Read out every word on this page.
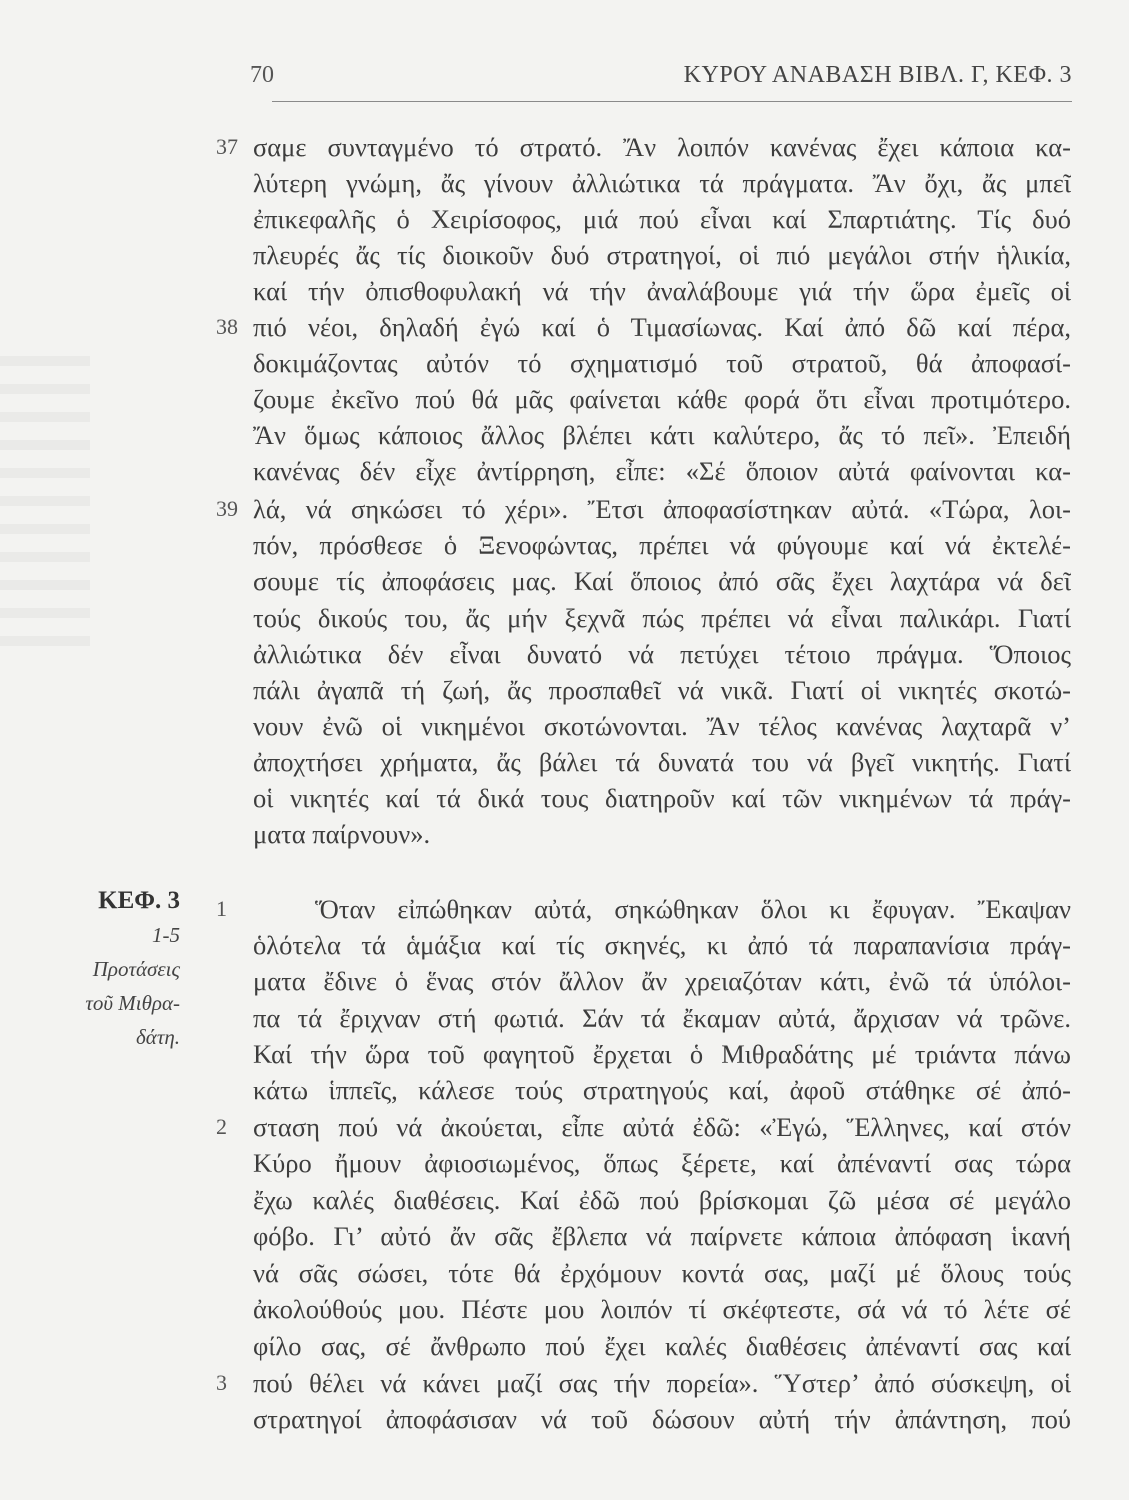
70	ΚΥΡΟΥ ΑΝΑΒΑΣΗ ΒΙΒΛ. Γ, ΚΕΦ. 3
ΚΕΦ. 3
1-5
Προτάσεις
τοῦ Μιθρα-
δάτη.
37
38
39
1
2
3
σαμε συνταγμένο τό στρατό. Ἄν λοιπόν κανένας ἔχει κάποια κα-
λύτερη γνώμη, ἄς γίνουν ἀλλιώτικα τά πράγματα. Ἄν ὄχι, ἄς μπεῖ
ἐπικεφαλῆς ὁ Χειρίσοφος, μιά πού εἶναι καί Σπαρτιάτης. Τίς δυό
πλευρές ἄς τίς διοικοῦν δυό στρατηγοί, οἱ πιό μεγάλοι στήν ἡλικία,
καί τήν ὀπισθοφυλακή νά τήν ἀναλάβουμε γιά τήν ὥρα ἐμεῖς οἱ
πιό νέοι, δηλαδή ἐγώ καί ὁ Τιμασίωνας. Καί ἀπό δῶ καί πέρα,
δοκιμάζοντας αὐτόν τό σχηματισμό τοῦ στρατοῦ, θά ἀποφασί-
ζουμε ἐκεῖνο πού θά μᾶς φαίνεται κάθε φορά ὅτι εἶναι προτιμότερο.
Ἄν ὅμως κάποιος ἄλλος βλέπει κάτι καλύτερο, ἄς τό πεῖ». Ἐπειδή
κανένας δέν εἶχε ἀντίρρηση, εἶπε: «Σέ ὅποιον αὐτά φαίνονται κα-
λά, νά σηκώσει τό χέρι». Ἔτσι ἀποφασίστηκαν αὐτά. «Τώρα, λοι-
πόν, πρόσθεσε ὁ Ξενοφώντας, πρέπει νά φύγουμε καί νά ἐκτελέ-
σουμε τίς ἀποφάσεις μας. Καί ὅποιος ἀπό σᾶς ἔχει λαχτάρα νά δεῖ
τούς δικούς του, ἄς μήν ξεχνᾶ πώς πρέπει νά εἶναι παλικάρι. Γιατί
ἀλλιώτικα δέν εἶναι δυνατό νά πετύχει τέτοιο πράγμα. Ὅποιος
πάλι ἀγαπᾶ τή ζωή, ἄς προσπαθεῖ νά νικᾶ. Γιατί οἱ νικητές σκοτώ-
νουν ἐνῶ οἱ νικημένοι σκοτώνονται. Ἄν τέλος κανένας λαχταρᾶ ν’
ἀποχτήσει χρήματα, ἄς βάλει τά δυνατά του νά βγεῖ νικητής. Γιατί
οἱ νικητές καί τά δικά τους διατηροῦν καί τῶν νικημένων τά πράγ-
ματα παίρνουν».
Ὅταν εἰπώθηκαν αὐτά, σηκώθηκαν ὅλοι κι ἔφυγαν. Ἔκαψαν
ὁλότελα τά ἁμάξια καί τίς σκηνές, κι ἀπό τά παραπανίσια πράγ-
ματα ἔδινε ὁ ἕνας στόν ἄλλον ἄν χρειαζόταν κάτι, ἐνῶ τά ὑπόλοι-
πα τά ἔριχναν στή φωτιά. Σάν τά ἔκαμαν αὐτά, ἄρχισαν νά τρῶνε.
Καί τήν ὥρα τοῦ φαγητοῦ ἔρχεται ὁ Μιθραδάτης μέ τριάντα πάνω
κάτω ἱππεῖς, κάλεσε τούς στρατηγούς καί, ἀφοῦ στάθηκε σέ ἀπό-
σταση πού νά ἀκούεται, εἶπε αὐτά ἐδῶ: «Ἐγώ, Ἕλληνες, καί στόν
Κύρο ἤμουν ἀφιοσιωμένος, ὅπως ξέρετε, καί ἀπέναντί σας τώρα
ἔχω καλές διαθέσεις. Καί ἐδῶ πού βρίσκομαι ζῶ μέσα σέ μεγάλο
φόβο. Γι’ αὐτό ἄν σᾶς ἔβλεπα νά παίρνετε κάποια ἀπόφαση ἱκανή
νά σᾶς σώσει, τότε θά ἐρχόμουν κοντά σας, μαζί μέ ὅλους τούς
ἀκολούθούς μου. Πέστε μου λοιπόν τί σκέφτεστε, σά νά τό λέτε σέ
φίλο σας, σέ ἄνθρωπο πού ἔχει καλές διαθέσεις ἀπέναντί σας καί
πού θέλει νά κάνει μαζί σας τήν πορεία». Ὕστερ’ ἀπό σύσκεψη, οἱ
στρατηγοί ἀποφάσισαν νά τοῦ δώσουν αὐτή τήν ἀπάντηση, πού
